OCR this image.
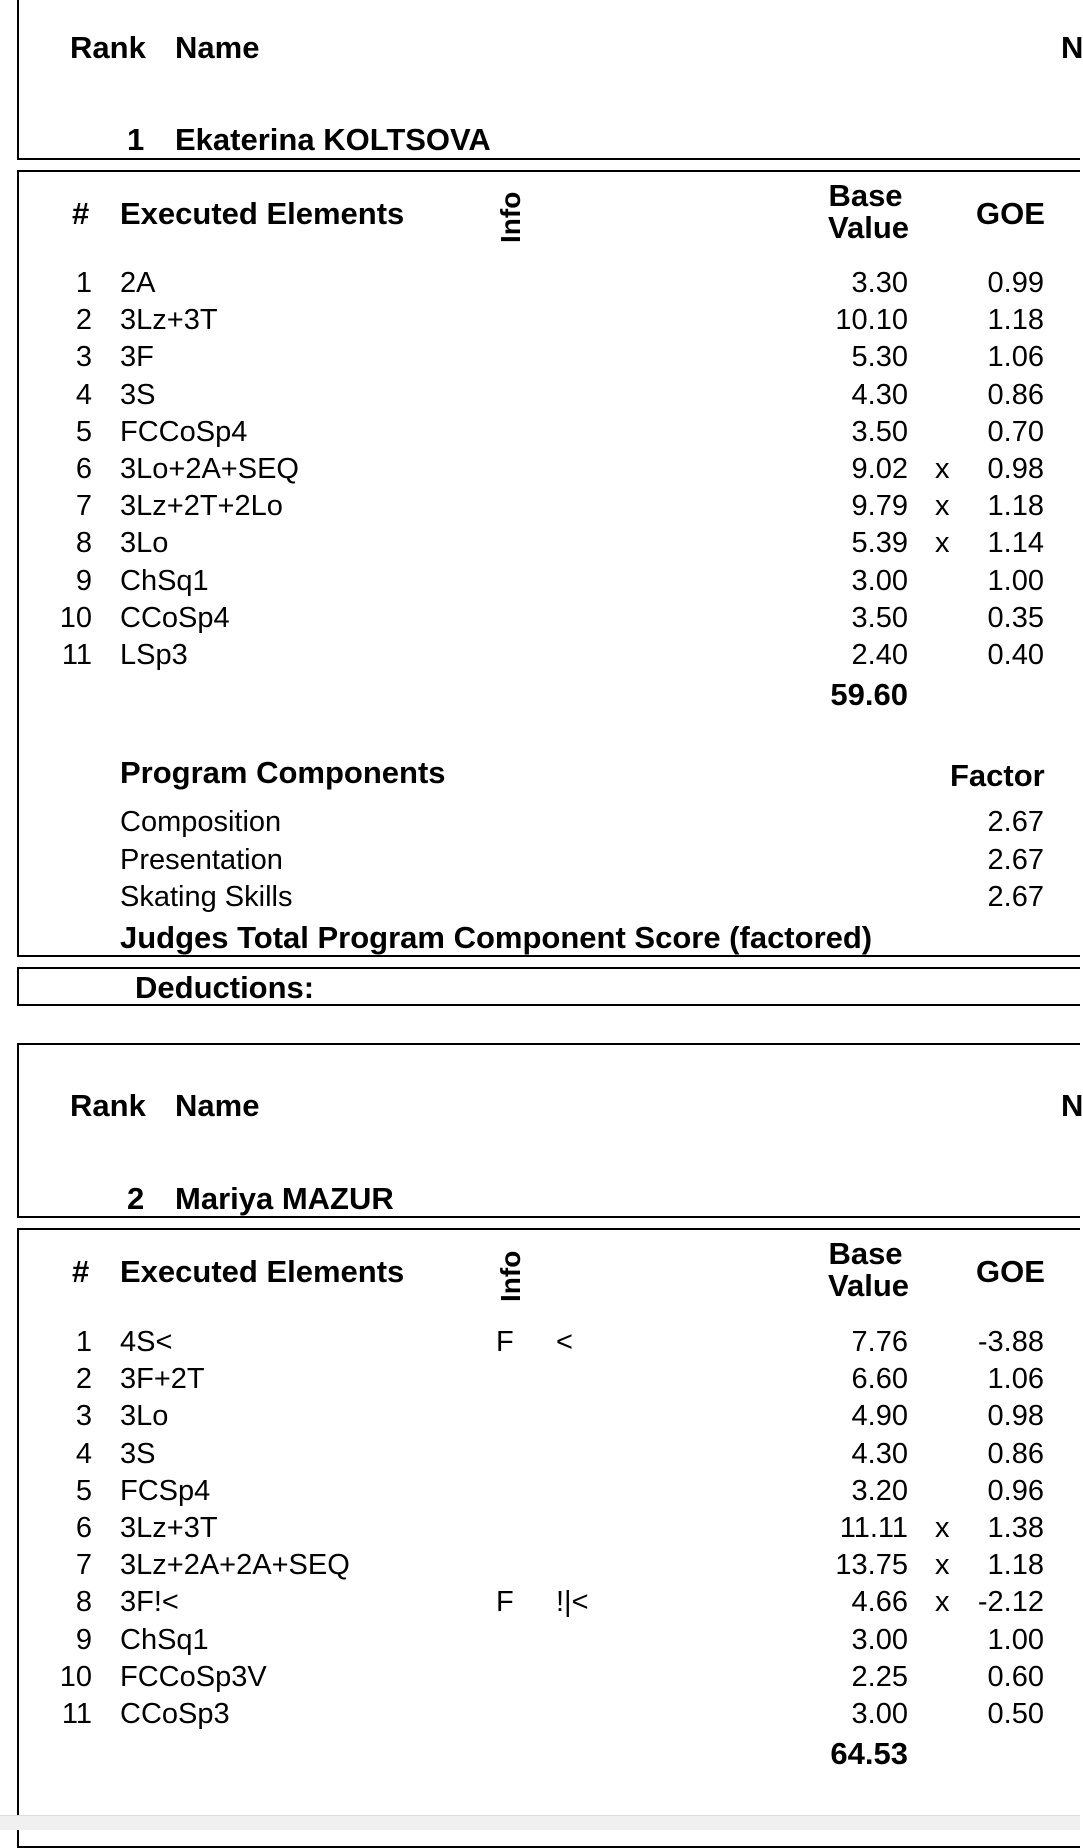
Rank Name	N
1 Ekaterina KOLTSOVA
# Executed Elements	Info	Base
Value GOE
1 2A	3.30	0.99
2 3Lz+3T	10.10	1.18
3 3F	5.30	1.06
4 3S	4.30	0.86
5 FCCoSp4	3.50	0.70
6 3Lo+2A+SEQ	9.02 x	0.98
7 3Lz+2T+2Lo	9.79 x	1.18
8 3Lo	5.39 x	1.14
9 ChSq1	3.00	1.00
10 CCoSp4	3.50	0.35
11 LSp3	2.40	0.40
59.60
Program Components	Factor
Composition	2.67
Presentation	2.67
Skating Skills	2.67
Judges Total Program Component Score (factored)
Deductions:
Rank Name	N
2 Mariya MAZUR
# Executed Elements	Info	Base
Value GOE
1 4S<	F	<	7.76	-3.88
2 3F+2T	6.60	1.06
3 3Lo	4.90	0.98
4 3S	4.30	0.86
5 FCSp4	3.20	0.96
6 3Lz+3T	11.11 x	1.38
7 3Lz+2A+2A+SEQ	13.75 x	1.18
8 3F!<	F	!|<	4.66 x -2.12
9 ChSq1	3.00	1.00
10 FCCoSp3V	2.25	0.60
11 CCoSp3	3.00	0.50
64.53
